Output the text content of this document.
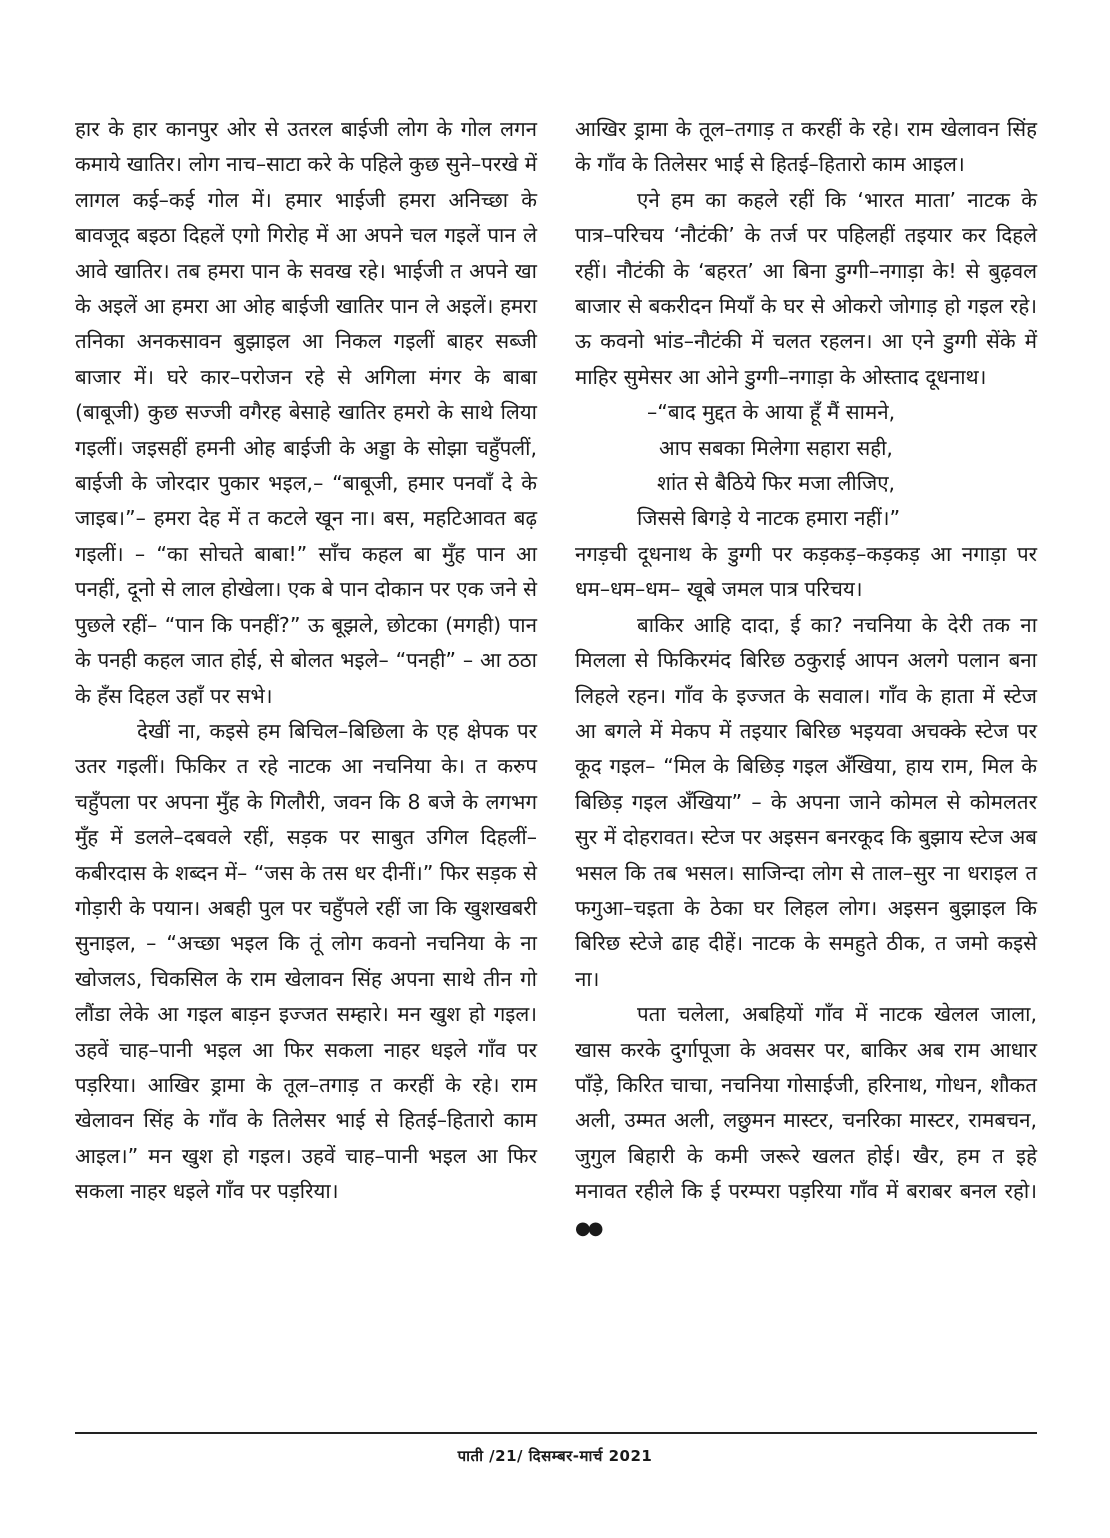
हार के हार कानपुर ओर से उतरल बाईजी लोग के गोल लगन कमाये खातिर। लोग नाच–साटा करे के पहिले कुछ सुने–परखे में लागल कई–कई गोल में। हमार भाईजी हमरा अनिच्छा के बावजूद बइठा दिहलें एगो गिरोह में आ अपने चल गइलें पान ले आवे खातिर। तब हमरा पान के सवख रहे। भाईजी त अपने खा के अइलें आ हमरा आ ओह बाईजी खातिर पान ले अइलें। हमरा तनिका अनकसावन बुझाइल आ निकल गइलीं बाहर सब्जी बाजार में। घरे कार–परोजन रहे से अगिला मंगर के बाबा (बाबूजी) कुछ सज्जी वगैरह बेसाहे खातिर हमरो के साथे लिया गइलीं। जइसहीं हमनी ओह बाईजी के अड्डा के सोझा चहुँपलीं, बाईजी के जोरदार पुकार भइल,– “बाबूजी, हमार पनवाँ दे के जाइब।”– हमरा देह में त कटले खून ना। बस, महटिआवत बढ़ गइलीं। – “का सोचते बाबा!” साँच कहल बा मुँह पान आ पनहीं, दूनो से लाल होखेला। एक बे पान दोकान पर एक जने से पुछले रहीं– “पान कि पनहीं?” ऊ बूझले, छोटका (मगही) पान के पनही कहल जात होई, से बोलत भइले– “पनही” – आ ठठा के हँस दिहल उहाँ पर सभे।

देखीं ना, कइसे हम बिचिल–बिछिला के एह क्षेपक पर उतर गइलीं। फिकिर त रहे नाटक आ नचनिया के। त करुप चहुँपला पर अपना मुँह के गिलौरी, जवन कि 8 बजे के लगभग मुँह में डलले–दबवले रहीं, सड़क पर साबुत उगिल दिहलीं– कबीरदास के शब्दन में– “जस के तस धर दीनीं।” फिर सड़क से गोड़ारी के पयान। अबही पुल पर चहुँपले रहीं जा कि खुशखबरी सुनाइल, – “अच्छा भइल कि तूं लोग कवनो नचनिया के ना खोजलऽ, चिकसिल के राम खेलावन सिंह अपना साथे तीन गो लौंडा लेके आ गइल बाड़न इज्जत सम्हारे। मन खुश हो गइल। उहवें चाह–पानी भइल आ फिर सकला नाहर धइले गाँव पर पड़रिया। आखिर ड्रामा के तूल–तगाड़ त करहीं के रहे। राम खेलावन सिंह के गाँव के तिलेसर भाई से हितई–हितारो काम आइल।” मन खुश हो गइल। उहवें चाह–पानी भइल आ फिर सकला नाहर धइले गाँव पर पड़रिया।

आखिर ड्रामा के तूल–तगाड़ त करहीं के रहे। राम खेलावन सिंह के गाँव के तिलेसर भाई से हितई–हितारो काम आइल।

एने हम का कहले रहीं कि ‘भारत माता’ नाटक के पात्र–परिचय ‘नौटंकी’ के तर्ज पर पहिलहीं तइयार कर दिहले रहीं। नौटंकी के ‘बहरत’ आ बिना डुग्गी–नगाड़ा के! से बुढ़वल बाजार से बकरीदन मियाँ के घर से ओकरो जोगाड़ हो गइल रहे। ऊ कवनो भांड–नौटंकी में चलत रहलन। आ एने डुग्गी सेंके में माहिर सुमेसर आ ओने डुग्गी–नगाड़ा के ओस्ताद दूधनाथ।

–“बाद मुद्दत के आया हूँ मैं सामने,
आप सबका मिलेगा सहारा सही,
शांत से बैठिये फिर मजा लीजिए,
जिससे बिगड़े ये नाटक हमारा नहीं।”

नगड़ची दूधनाथ के डुग्गी पर कड़कड़–कड़कड़ आ नगाड़ा पर धम–धम–धम– खूबे जमल पात्र परिचय।

बाकिर आहि दादा, ई का? नचनिया के देरी तक ना मिलला से फिकिरमंद बिरिछ ठकुराई आपन अलगे पलान बना लिहले रहन। गाँव के इज्जत के सवाल। गाँव के हाता में स्टेज आ बगले में मेकप में तइयार बिरिछ भइयवा अचक्के स्टेज पर कूद गइल– “मिल के बिछिड़ गइल अँखिया, हाय राम, मिल के बिछिड़ गइल अँखिया” – के अपना जाने कोमल से कोमलतर सुर में दोहरावत। स्टेज पर अइसन बनरकूद कि बुझाय स्टेज अब भसल कि तब भसल। साजिन्दा लोग से ताल–सुर ना धराइल त फगुआ–चइता के ठेका घर लिहल लोग। अइसन बुझाइल कि बिरिछ स्टेजे ढाह दीहें। नाटक के समहुते ठीक, त जमो कइसे ना।

पता चलेला, अबहियों गाँव में नाटक खेलल जाला, खास करके दुर्गापूजा के अवसर पर, बाकिर अब राम आधार पाँड़े, किरित चाचा, नचनिया गोसाईजी, हरिनाथ, गोधन, शौकत अली, उम्मत अली, लछुमन मास्टर, चनरिका मास्टर, रामबचन, जुगुल बिहारी के कमी जरूरे खलत होई। खैर, हम त इहे मनावत रहीले कि ई परम्परा पड़रिया गाँव में बराबर बनल रहो। ●●

पाती /21/ दिसम्बर-मार्च 2021
